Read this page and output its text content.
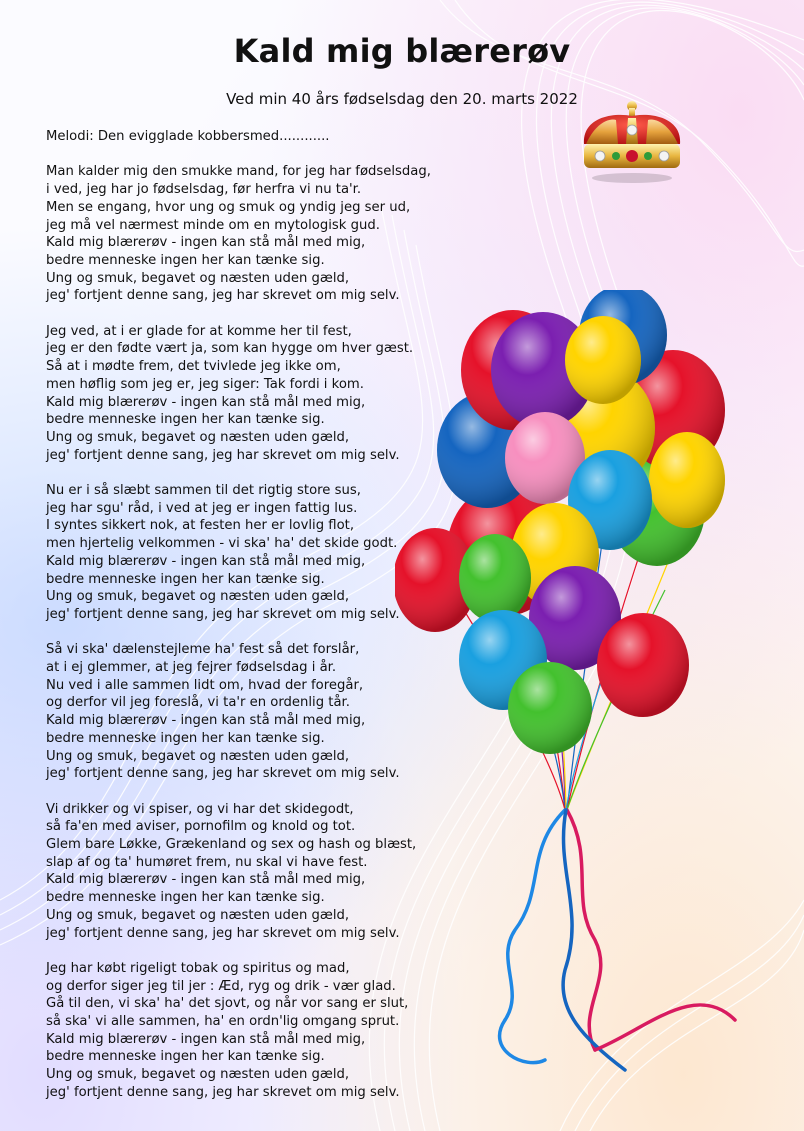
Kald mig blærerøv

Ved min 40 års fødselsdag den 20. marts 2022

Melodi: Den evigglade kobbersmed............

Man kalder mig den smukke mand, for jeg har fødselsdag,
i ved, jeg har jo fødselsdag, før herfra vi nu ta'r.
Men se engang, hvor ung og smuk og yndig jeg ser ud,
jeg må vel nærmest minde om en mytologisk gud.
Kald mig blærerøv - ingen kan stå mål med mig,
bedre menneske ingen her kan tænke sig.
Ung og smuk, begavet og næsten uden gæld,
jeg' fortjent denne sang, jeg har skrevet om mig selv.

Jeg ved, at i er glade for at komme her til fest,
jeg er den fødte vært ja, som kan hygge om hver gæst.
Så at i mødte frem, det tvivlede jeg ikke om,
men høflig som jeg er, jeg siger: Tak fordi i kom.
Kald mig blærerøv - ingen kan stå mål med mig,
bedre menneske ingen her kan tænke sig.
Ung og smuk, begavet og næsten uden gæld,
jeg' fortjent denne sang, jeg har skrevet om mig selv.

Nu er i så slæbt sammen til det rigtig store sus,
jeg har sgu' råd, i ved at jeg er ingen fattig lus.
I syntes sikkert nok, at festen her er lovlig flot,
men hjertelig velkommen - vi ska' ha' det skide godt.
Kald mig blærerøv - ingen kan stå mål med mig,
bedre menneske ingen her kan tænke sig.
Ung og smuk, begavet og næsten uden gæld,
jeg' fortjent denne sang, jeg har skrevet om mig selv.

Så vi ska' dælenstejleme ha' fest så det forslår,
at i ej glemmer, at jeg fejrer fødselsdag i år.
Nu ved i alle sammen lidt om, hvad der foregår,
og derfor vil jeg foreslå, vi ta'r en ordenlig tår.
Kald mig blærerøv - ingen kan stå mål med mig,
bedre menneske ingen her kan tænke sig.
Ung og smuk, begavet og næsten uden gæld,
jeg' fortjent denne sang, jeg har skrevet om mig selv.

Vi drikker og vi spiser, og vi har det skidegodt,
så fa'en med aviser, pornofilm og knold og tot.
Glem bare Løkke, Grækenland og sex og hash og blæst,
slap af og ta' humøret frem, nu skal vi have fest.
Kald mig blærerøv - ingen kan stå mål med mig,
bedre menneske ingen her kan tænke sig.
Ung og smuk, begavet og næsten uden gæld,
jeg' fortjent denne sang, jeg har skrevet om mig selv.

Jeg har købt rigeligt tobak og spiritus og mad,
og derfor siger jeg til jer : Æd, ryg og drik - vær glad.
Gå til den, vi ska' ha' det sjovt, og når vor sang er slut,
så ska' vi alle sammen, ha' en ordn'lig omgang sprut.
Kald mig blærerøv - ingen kan stå mål med mig,
bedre menneske ingen her kan tænke sig.
Ung og smuk, begavet og næsten uden gæld,
jeg' fortjent denne sang, jeg har skrevet om mig selv.
